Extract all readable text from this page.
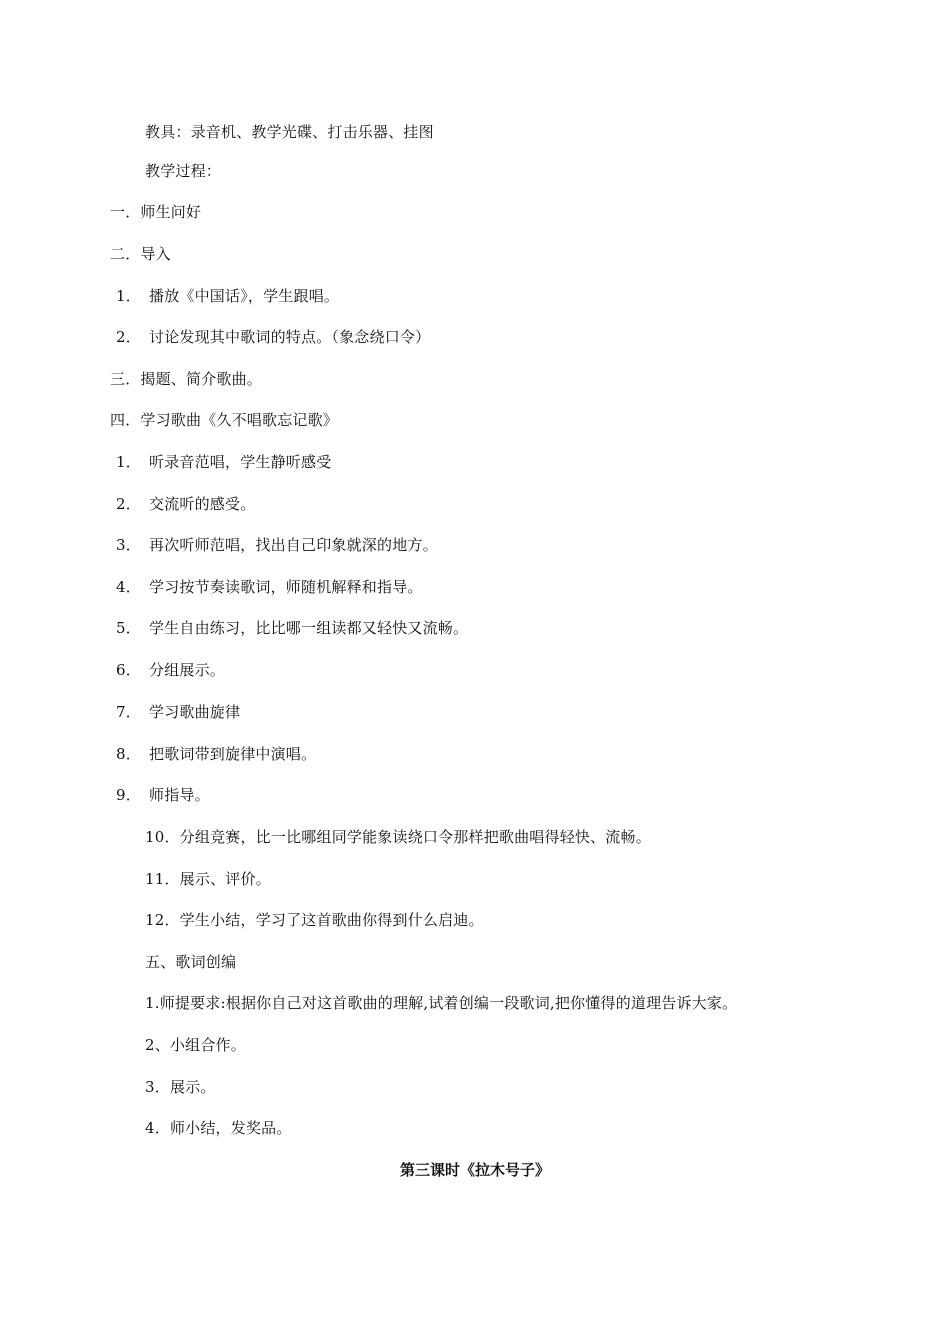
教具：录音机、教学光碟、打击乐器、挂图
教学过程：
一．师生问好
二．导入
1． 播放《中国话》，学生跟唱。
2． 讨论发现其中歌词的特点。（象念绕口令）
三．揭题、简介歌曲。
四．学习歌曲《久不唱歌忘记歌》
1． 听录音范唱，学生静听感受
2． 交流听的感受。
3． 再次听师范唱，找出自己印象就深的地方。
4． 学习按节奏读歌词，师随机解释和指导。
5． 学生自由练习，比比哪一组读都又轻快又流畅。
6． 分组展示。
7． 学习歌曲旋律
8． 把歌词带到旋律中演唱。
9． 师指导。
10．分组竞赛，比一比哪组同学能象读绕口令那样把歌曲唱得轻快、流畅。
11．展示、评价。
12．学生小结，学习了这首歌曲你得到什么启迪。
五、歌词创编
1.师提要求:根据你自己对这首歌曲的理解,试着创编一段歌词,把你懂得的道理告诉大家。
2、小组合作。
3．展示。
4．师小结，发奖品。
第三课时《拉木号子》
